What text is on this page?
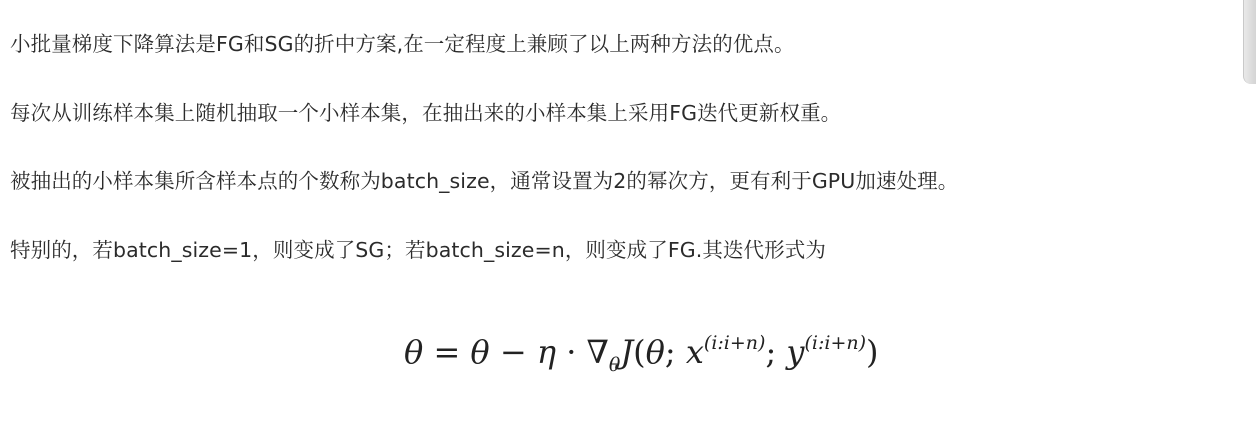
小批量梯度下降算法是FG和SG的折中方案,在一定程度上兼顾了以上两种方法的优点。
每次从训练样本集上随机抽取一个小样本集，在抽出来的小样本集上采用FG迭代更新权重。
被抽出的小样本集所含样本点的个数称为batch_size，通常设置为2的幂次方，更有利于GPU加速处理。
特别的，若batch_size=1，则变成了SG；若batch_size=n，则变成了FG.其迭代形式为
$\theta = \theta - \eta \cdot \nabla_\theta J(\theta$; $x^{(i:i+n)}$; $y^{(i:i+n)}$)
